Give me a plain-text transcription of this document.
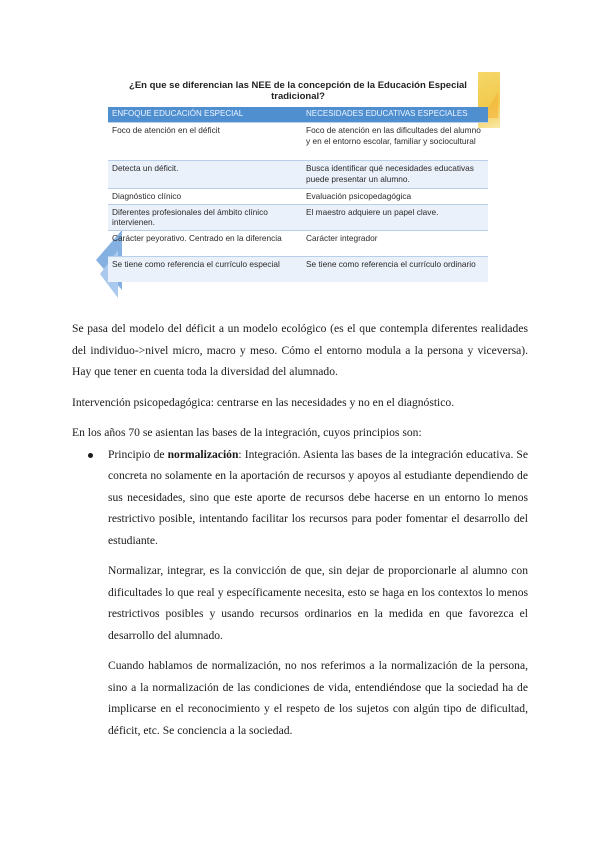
¿En que se diferencian las NEE de la concepción de la Educación Especial tradicional?
ENFOQUE EDUCACIÓN ESPECIAL	NECESIDADES EDUCATIVAS ESPECIALES
Foco de atención en el déficit	Foco de atención en las dificultades del alumno y en el entorno escolar, familiar y sociocultural
Detecta un déficit.	Busca identificar qué necesidades educativas puede presentar un alumno.
Diagnóstico clínico	Evaluación psicopedagógica
Diferentes profesionales del ámbito clínico intervienen.	El maestro adquiere un papel clave.
Carácter peyorativo. Centrado en la diferencia	Carácter integrador
Se tiene como referencia el currículo especial	Se tiene como referencia el currículo ordinario

Se pasa del modelo del déficit a un modelo ecológico (es el que contempla diferentes realidades del individuo->nivel micro, macro y meso. Cómo el entorno modula a la persona y viceversa). Hay que tener en cuenta toda la diversidad del alumnado.

Intervención psicopedagógica: centrarse en las necesidades y no en el diagnóstico.

En los años 70 se asientan las bases de la integración, cuyos principios son:

Principio de normalización: Integración. Asienta las bases de la integración educativa. Se concreta no solamente en la aportación de recursos y apoyos al estudiante dependiendo de sus necesidades, sino que este aporte de recursos debe hacerse en un entorno lo menos restrictivo posible, intentando facilitar los recursos para poder fomentar el desarrollo del estudiante.

Normalizar, integrar, es la convicción de que, sin dejar de proporcionarle al alumno con dificultades lo que real y específicamente necesita, esto se haga en los contextos lo menos restrictivos posibles y usando recursos ordinarios en la medida en que favorezca el desarrollo del alumnado.

Cuando hablamos de normalización, no nos referimos a la normalización de la persona, sino a la normalización de las condiciones de vida, entendiéndose que la sociedad ha de implicarse en el reconocimiento y el respeto de los sujetos con algún tipo de dificultad, déficit, etc. Se conciencia a la sociedad.
